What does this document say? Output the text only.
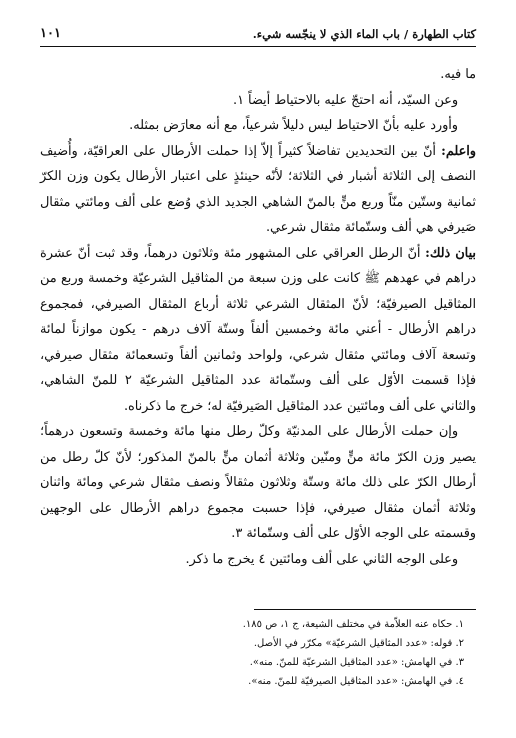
كتاب الطهارة / باب الماء الذي لا ينجّسه شيء.
١٠١

ما فيه.

وعن السيّد، أنه احتجّ عليه بالاحتياط أيضاً ١.

وأورد عليه بأنّ الاحتياط ليس دليلاً شرعياً، مع أنه معارَض بمثله.

واعلم: أنّ بين التحديدين تفاضلاً كثيراً إلاّ إذا حملت الأرطال على العراقيّة، وأُضيف النصف إلى الثلاثة أشبار في الثلاثة؛ لأنّه حينئذٍ على اعتبار الأرطال يكون وزن الكرّ ثمانية وستّين منّاً وربع منٍّ بالمنّ الشاهي الجديد الذي وُضع على ألف ومائتي مثقال صَيرفي هي ألف وستّمائة مثقال شرعي.

بيان ذلك: أنّ الرطل العراقي على المشهور مئة وثلاثون درهماً، وقد ثبت أنّ عشرة دراهم في عهدهم ﷺ كانت على وزن سبعة من المثاقيل الشرعيّة وخمسة وربع من المثاقيل الصيرفيّة؛ لأنّ المثقال الشرعي ثلاثة أرباع المثقال الصيرفي، فمجموع دراهم الأرطال - أعني مائة وخمسين ألفاً وستّة آلاف درهم - يكون موازناً لمائة وتسعة آلاف ومائتي مثقال شرعي، ولواحد وثمانين ألفاً وتسعمائة مثقال صيرفي، فإذا قسمت الأوّل على ألف وستّمائة عدد المثاقيل الشرعيّة ٢ للمنّ الشاهي، والثاني على ألف ومائتين عدد المثاقيل الصَيرفيّة له؛ خرج ما ذكرناه.

وإن حملت الأرطال على المدنيّة وكلّ رطل منها مائة وخمسة وتسعون درهماً؛ يصير وزن الكرّ مائة منٍّ ومنّين وثلاثة أثمان منٍّ بالمنّ المذكور؛ لأنّ كلّ رطل من أرطال الكرّ على ذلك مائة وستّة وثلاثون مثقالاً ونصف مثقال شرعي ومائة واثنان وثلاثة أثمان مثقال صيرفي، فإذا حسبت مجموع دراهم الأرطال على الوجهين وقسمته على الوجه الأوّل على ألف وستّمائة ٣.

وعلى الوجه الثاني على ألف ومائتين ٤ يخرج ما ذكر.

١. حكاه عنه العلاّمة في مختلف الشيعة، ج ١، ص ١٨٥.
٢. قوله: «عدد المثاقيل الشرعيّة» مكرّر في الأصل.
٣. في الهامش: «عدد المثاقيل الشرعيّة للمنّ. منه».
٤. في الهامش: «عدد المثاقيل الصيرفيّة للمنّ. منه».
